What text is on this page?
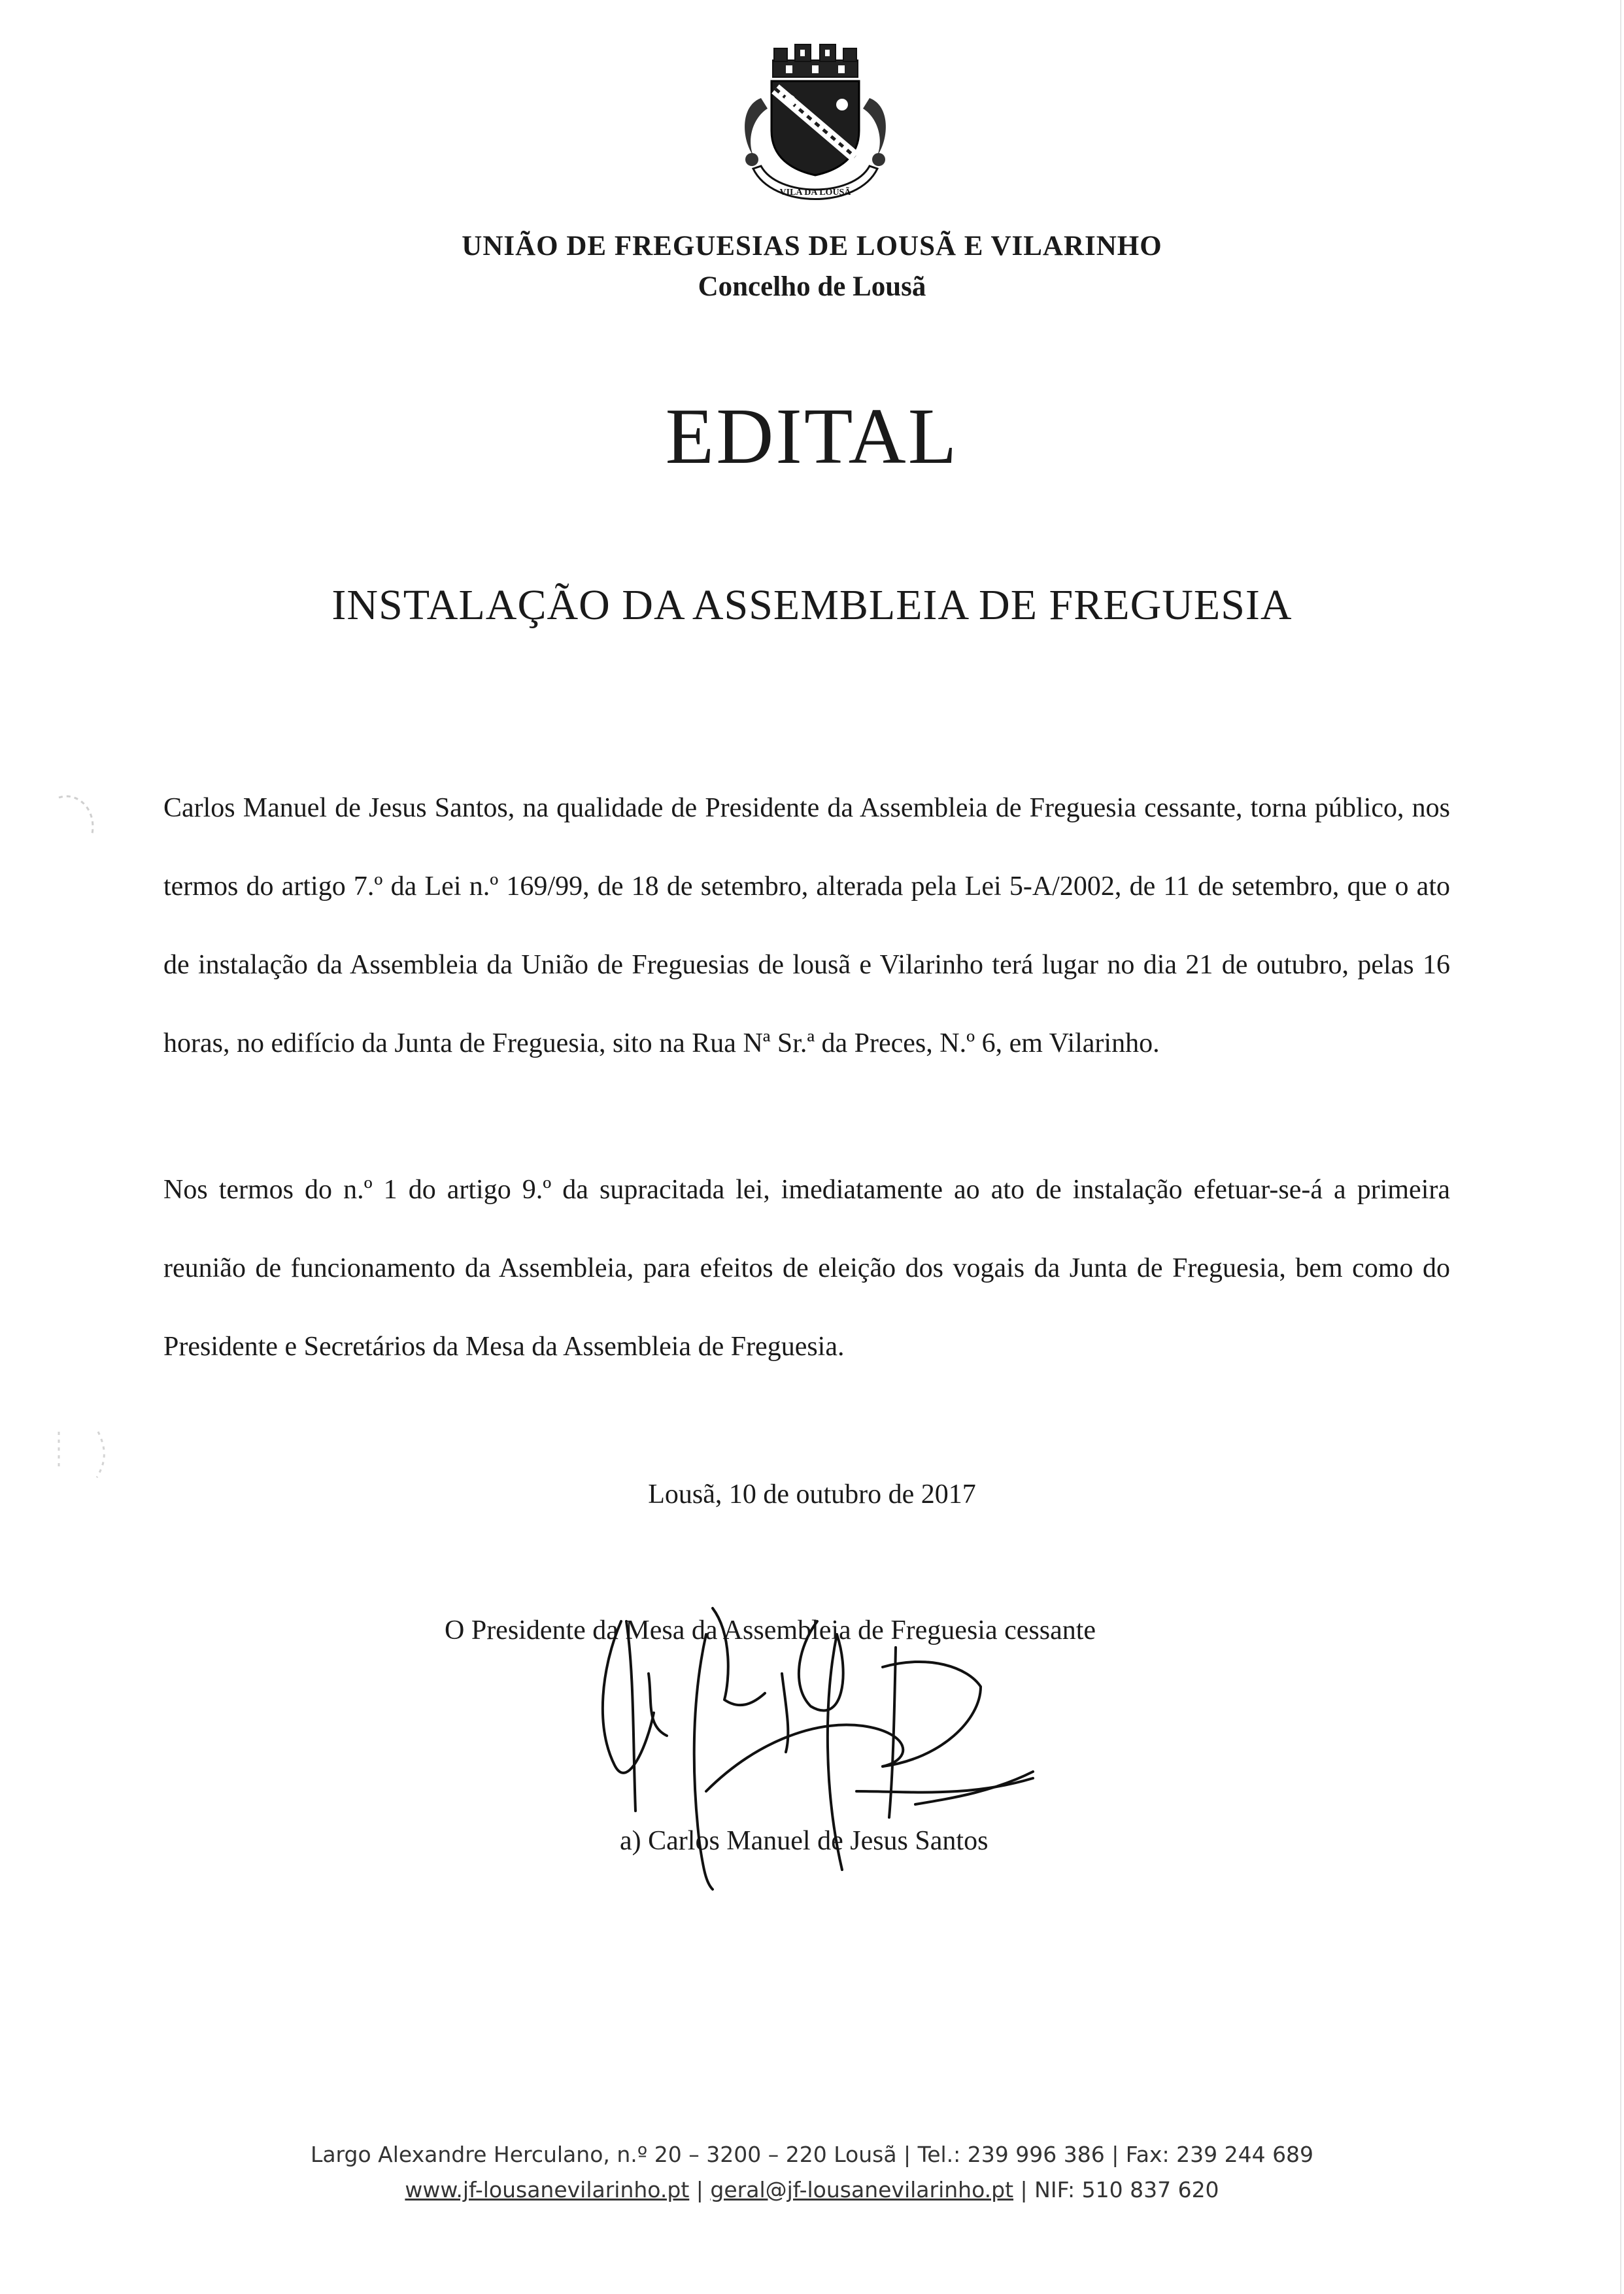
VILA DA LOUSÃ
UNIÃO DE FREGUESIAS DE LOUSÃ E VILARINHO
Concelho de Lousã
EDITAL
INSTALAÇÃO DA ASSEMBLEIA DE FREGUESIA
Carlos Manuel de Jesus Santos, na qualidade de Presidente da Assembleia de Freguesia cessante, torna público, nos termos do artigo 7.º da Lei n.º 169/99, de 18 de setembro, alterada pela Lei 5-A/2002, de 11 de setembro, que o ato de instalação da Assembleia da União de Freguesias de lousã e Vilarinho terá lugar no dia 21 de outubro, pelas 16 horas, no edifício da Junta de Freguesia, sito na Rua Nª Sr.ª da Preces, N.º 6, em Vilarinho.
Nos termos do n.º 1 do artigo 9.º da supracitada lei, imediatamente ao ato de instalação efetuar-se-á a primeira reunião de funcionamento da Assembleia, para efeitos de eleição dos vogais da Junta de Freguesia, bem como do Presidente e Secretários da Mesa da Assembleia de Freguesia.
Lousã, 10 de outubro de 2017
O Presidente da Mesa da Assembleia de Freguesia cessante
a) Carlos Manuel de Jesus Santos
Largo Alexandre Herculano, n.º 20 – 3200 – 220 Lousã | Tel.: 239 996 386 | Fax: 239 244 689
www.jf-lousanevilarinho.pt | geral@jf-lousanevilarinho.pt | NIF: 510 837 620
